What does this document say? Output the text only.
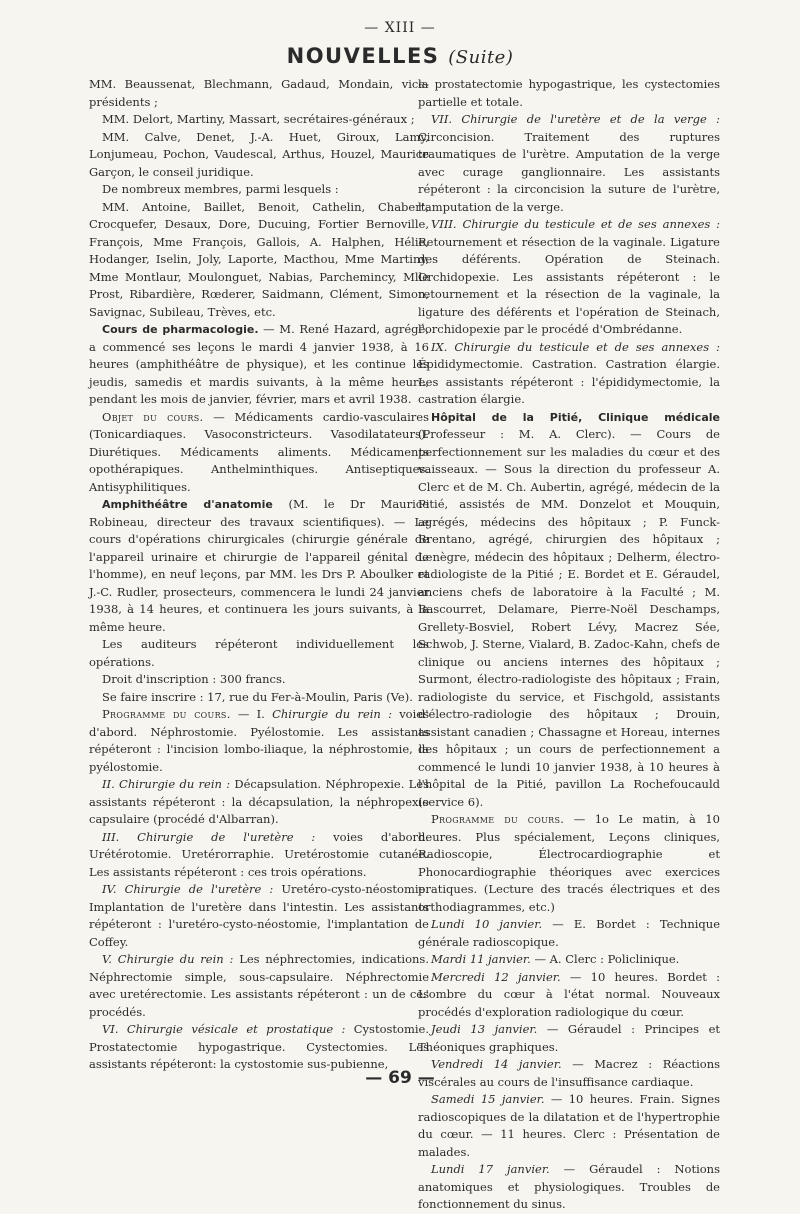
— XIII —
NOUVELLES (Suite)

MM. Beaussenat, Blechmann, Gadaud, Mondain, vice-présidents ;

MM. Delort, Martiny, Massart, secrétaires-généraux ;

MM. Calve, Denet, J.-A. Huet, Giroux, Lamy, Lonjumeau, Pochon, Vaudescal, Arthus, Houzel, Maurice Garçon, le conseil juridique.

De nombreux membres, parmi lesquels :

MM. Antoine, Baillet, Benoit, Cathelin, Chabert, Crocquefer, Desaux, Dore, Ducuing, Fortier Bernoville, François, Mme François, Gallois, A. Halphen, Hélie, Hodanger, Iselin, Joly, Laporte, Macthou, Mme Martiny, Mme Montlaur, Moulonguet, Nabias, Parchemincy, Mlle Prost, Ribardière, Rœderer, Saidmann, Clément, Simon, Savignac, Subileau, Trèves, etc.

Cours de pharmacologie. — M. René Hazard, agrégé, a commencé ses leçons le mardi 4 janvier 1938, à 16 heures (amphithéâtre de physique), et les continue les jeudis, samedis et mardis suivants, à la même heure, pendant les mois de janvier, février, mars et avril 1938.

Objet du cours. — Médicaments cardio-vasculaires (Tonicardiaques. Vasoconstricteurs. Vasodilatateurs). Diurétiques. Médicaments aliments. Médicaments opothérapiques. Anthelminthiques. Antiseptiques. Antisyphilitiques.

Amphithéâtre d'anatomie (M. le Dr Maurice Robineau, directeur des travaux scientifiques). — Le cours d'opérations chirurgicales (chirurgie générale de l'appareil urinaire et chirurgie de l'appareil génital de l'homme), en neuf leçons, par MM. les Drs P. Aboulker et J.-C. Rudler, prosecteurs, commencera le lundi 24 janvier 1938, à 14 heures, et continuera les jours suivants, à la même heure.

Les auditeurs répéteront individuellement les opérations.

Droit d'inscription : 300 francs.

Se faire inscrire : 17, rue du Fer-à-Moulin, Paris (Ve).

Programme du cours. — I. Chirurgie du rein : voies d'abord. Néphrostomie. Pyélostomie. Les assistants répéteront : l'incision lombo-iliaque, la néphrostomie, la pyélostomie.

II. Chirurgie du rein : Décapsulation. Néphropexie. Les assistants répéteront : la décapsulation, la néphropexie capsulaire (procédé d'Albarran).

III. Chirurgie de l'uretère : voies d'abord. Urétérotomie. Uretérorraphie. Uretérostomie cutanée. Les assistants répéteront : ces trois opérations.

IV. Chirurgie de l'uretère : Uretéro-cysto-néostomie. Implantation de l'uretère dans l'intestin. Les assistants répéteront : l'uretéro-cysto-néostomie, l'implantation de Coffey.

V. Chirurgie du rein : Les néphrectomies, indications. Néphrectomie simple, sous-capsulaire. Néphrectomie avec uretérectomie. Les assistants répéteront : un de ces procédés.

VI. Chirurgie vésicale et prostatique : Cystostomie. Prostatectomie hypogastrique. Cystectomies. Les assistants répéteront: la cystostomie sus-pubienne,

la prostatectomie hypogastrique, les cystectomies partielle et totale.

VII. Chirurgie de l'uretère et de la verge : Circoncision. Traitement des ruptures traumatiques de l'urètre. Amputation de la verge avec curage ganglionnaire. Les assistants répéteront : la circoncision la suture de l'urètre, l'amputation de la verge.

VIII. Chirurgie du testicule et de ses annexes : Retournement et résection de la vaginale. Ligature des déférents. Opération de Steinach. Orchidopexie. Les assistants répéteront : le retournement et la résection de la vaginale, la ligature des déférents et l'opération de Steinach, l'orchidopexie par le procédé d'Ombrédanne.

IX. Chirurgie du testicule et de ses annexes : Épididymectomie. Castration. Castration élargie. Les assistants répéteront : l'épididymectomie, la castration élargie.

Hôpital de la Pitié, Clinique médicale (Professeur : M. A. Clerc). — Cours de perfectionnement sur les maladies du cœur et des vaisseaux. — Sous la direction du professeur A. Clerc et de M. Ch. Aubertin, agrégé, médecin de la Pitié, assistés de MM. Donzelot et Mouquin, agrégés, médecins des hôpitaux ; P. Funck-Brentano, agrégé, chirurgien des hôpitaux ; Lenègre, médecin des hôpitaux ; Delherm, électro-radiologiste de la Pitié ; E. Bordet et E. Géraudel, anciens chefs de laboratoire à la Faculté ; M. Bascourret, Delamare, Pierre-Noël Deschamps, Grellety-Bosviel, Robert Lévy, Macrez Sée, Schwob, J. Sterne, Vialard, B. Zadoc-Kahn, chefs de clinique ou anciens internes des hôpitaux ; Surmont, électro-radiologiste des hôpitaux ; Frain, radiologiste du service, et Fischgold, assistants d'électro-radiologie des hôpitaux ; Drouin, assistant canadien ; Chassagne et Horeau, internes des hôpitaux ; un cours de perfectionnement a commencé le lundi 10 janvier 1938, à 10 heures à l'hôpital de la Pitié, pavillon La Rochefoucauld (service 6).

Programme du cours. — 1o Le matin, à 10 heures. Plus spécialement, Leçons cliniques, Radioscopie, Électrocardiographie et Phonocardiographie théoriques avec exercices pratiques. (Lecture des tracés électriques et des orthodiagrammes, etc.)

Lundi 10 janvier. — E. Bordet : Technique générale radioscopique.

Mardi 11 janvier. — A. Clerc : Policlinique.

Mercredi 12 janvier. — 10 heures. Bordet : L'ombre du cœur à l'état normal. Nouveaux procédés d'exploration radiologique du cœur.

Jeudi 13 janvier. — Géraudel : Principes et Théoniques graphiques.

Vendredi 14 janvier. — Macrez : Réactions viscérales au cours de l'insuffisance cardiaque.

Samedi 15 janvier. — 10 heures. Frain. Signes radioscopiques de la dilatation et de l'hypertrophie du cœur. — 11 heures. Clerc : Présentation de malades.

Lundi 17 janvier. — Géraudel : Notions anatomiques et physiologiques. Troubles de fonctionnement du sinus.

— 69 —
